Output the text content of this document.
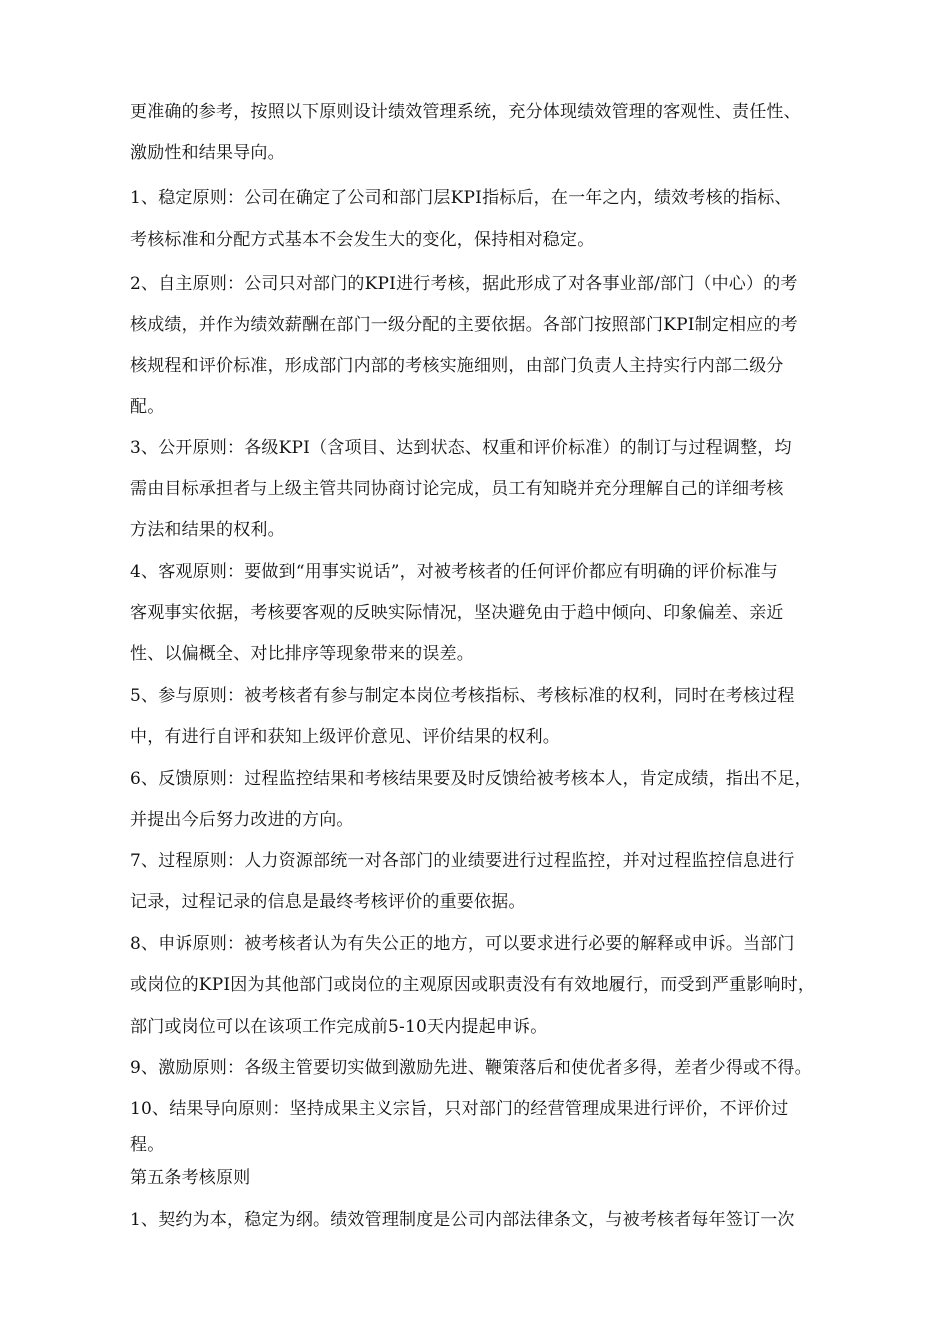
更准确的参考，按照以下原则设计绩效管理系统，充分体现绩效管理的客观性、责任性、
激励性和结果导向。
1、稳定原则：公司在确定了公司和部门层KPI指标后，在一年之内，绩效考核的指标、
考核标准和分配方式基本不会发生大的变化，保持相对稳定。
2、自主原则：公司只对部门的KPI进行考核，据此形成了对各事业部/部门（中心）的考
核成绩，并作为绩效薪酬在部门一级分配的主要依据。各部门按照部门KPI制定相应的考
核规程和评价标准，形成部门内部的考核实施细则，由部门负责人主持实行内部二级分
配。
3、公开原则：各级KPI（含项目、达到状态、权重和评价标准）的制订与过程调整，均
需由目标承担者与上级主管共同协商讨论完成，员工有知晓并充分理解自己的详细考核
方法和结果的权利。
4、客观原则：要做到“用事实说话”，对被考核者的任何评价都应有明确的评价标准与
客观事实依据，考核要客观的反映实际情况，坚决避免由于趋中倾向、印象偏差、亲近
性、以偏概全、对比排序等现象带来的误差。
5、参与原则：被考核者有参与制定本岗位考核指标、考核标准的权利，同时在考核过程
中，有进行自评和获知上级评价意见、评价结果的权利。
6、反馈原则：过程监控结果和考核结果要及时反馈给被考核本人，肯定成绩，指出不足，
并提出今后努力改进的方向。
7、过程原则：人力资源部统一对各部门的业绩要进行过程监控，并对过程监控信息进行
记录，过程记录的信息是最终考核评价的重要依据。
8、申诉原则：被考核者认为有失公正的地方，可以要求进行必要的解释或申诉。当部门
或岗位的KPI因为其他部门或岗位的主观原因或职责没有有效地履行，而受到严重影响时，
部门或岗位可以在该项工作完成前5-10天内提起申诉。
9、激励原则：各级主管要切实做到激励先进、鞭策落后和使优者多得，差者少得或不得。
10、结果导向原则：坚持成果主义宗旨，只对部门的经营管理成果进行评价，不评价过
程。
第五条考核原则
1、契约为本，稳定为纲。绩效管理制度是公司内部法律条文，与被考核者每年签订一次
